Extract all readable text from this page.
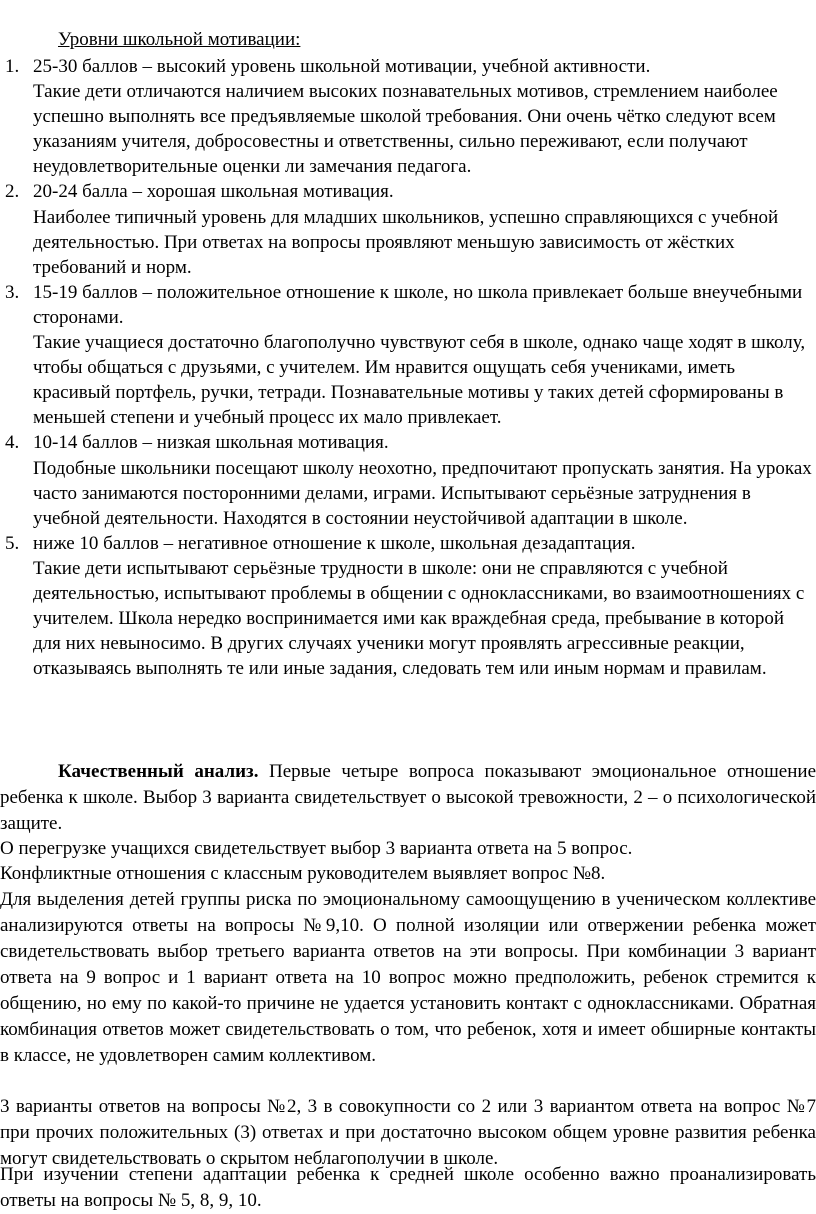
Уровни школьной мотивации:
1. 25-30 баллов – высокий уровень школьной мотивации, учебной активности.
Такие дети отличаются наличием высоких познавательных мотивов, стремлением наиболее успешно выполнять все предъявляемые школой требования. Они очень чётко следуют всем указаниям учителя, добросовестны и ответственны, сильно переживают, если получают неудовлетворительные оценки ли замечания педагога.
2. 20-24 балла – хорошая школьная мотивация.
Наиболее типичный уровень для младших школьников, успешно справляющихся с учебной деятельностью. При ответах на вопросы проявляют меньшую зависимость от жёстких требований и норм.
3. 15-19 баллов – положительное отношение к школе, но школа привлекает больше внеучебными сторонами.
Такие учащиеся достаточно благополучно чувствуют себя в школе, однако чаще ходят в школу, чтобы общаться с друзьями, с учителем. Им нравится ощущать себя учениками, иметь красивый портфель, ручки, тетради. Познавательные мотивы у таких детей сформированы в меньшей степени и учебный процесс их мало привлекает.
4. 10-14 баллов – низкая школьная мотивация.
Подобные школьники посещают школу неохотно, предпочитают пропускать занятия. На уроках часто занимаются посторонними делами, играми. Испытывают серьёзные затруднения в учебной деятельности. Находятся в состоянии неустойчивой адаптации в школе.
5. ниже 10 баллов – негативное отношение к школе, школьная дезадаптация.
Такие дети испытывают серьёзные трудности в школе: они не справляются с учебной деятельностью, испытывают проблемы в общении с одноклассниками, во взаимоотношениях с учителем. Школа нередко воспринимается ими как враждебная среда, пребывание в которой для них невыносимо. В других случаях ученики могут проявлять агрессивные реакции, отказываясь выполнять те или иные задания, следовать тем или иным нормам и правилам.

Качественный анализ. Первые четыре вопроса показывают эмоциональное отношение ребенка к школе. Выбор 3 варианта свидетельствует о высокой тревожности, 2 – о психологической защите.

О перегрузке учащихся свидетельствует выбор 3 варианта ответа на 5 вопрос.

Конфликтные отношения с классным руководителем выявляет вопрос №8.

Для выделения детей группы риска по эмоциональному самоощущению в ученическом коллективе анализируются ответы на вопросы №9,10. О полной изоляции или отвержении ребенка может свидетельствовать выбор третьего варианта ответов на эти вопросы. При комбинации 3 вариант ответа на 9 вопрос и 1 вариант ответа на 10 вопрос можно предположить, ребенок стремится к общению, но ему по какой-то причине не удается установить контакт с одноклассниками. Обратная комбинация ответов может свидетельствовать о том, что ребенок, хотя и имеет обширные контакты в классе, не удовлетворен самим коллективом.

3 варианты ответов на вопросы №2, 3 в совокупности со 2 или 3 вариантом ответа на вопрос №7 при прочих положительных (3) ответах и при достаточно высоком общем уровне развития ребенка могут свидетельствовать о скрытом неблагополучии в школе.

При изучении степени адаптации ребенка к средней школе особенно важно проанализировать ответы на вопросы № 5, 8, 9, 10.
